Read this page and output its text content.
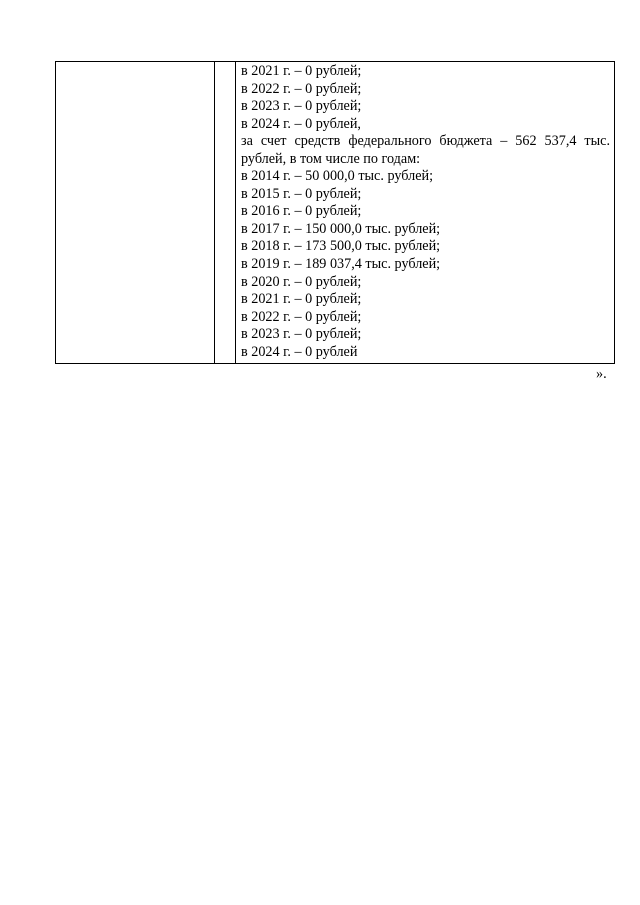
в 2021 г. – 0 рублей;
в 2022 г. – 0 рублей;
в 2023 г. – 0 рублей;
в 2024 г. – 0 рублей,
за счет средств федерального бюджета – 562 537,4 тыс.
рублей, в том числе по годам:
в 2014 г. – 50 000,0 тыс. рублей;
в 2015 г. – 0 рублей;
в 2016 г. – 0 рублей;
в 2017 г. – 150 000,0 тыс. рублей;
в 2018 г. – 173 500,0 тыс. рублей;
в 2019 г. – 189 037,4 тыс. рублей;
в 2020 г. – 0 рублей;
в 2021 г. – 0 рублей;
в 2022 г. – 0 рублей;
в 2023 г. – 0 рублей;
в 2024 г. – 0 рублей
».
